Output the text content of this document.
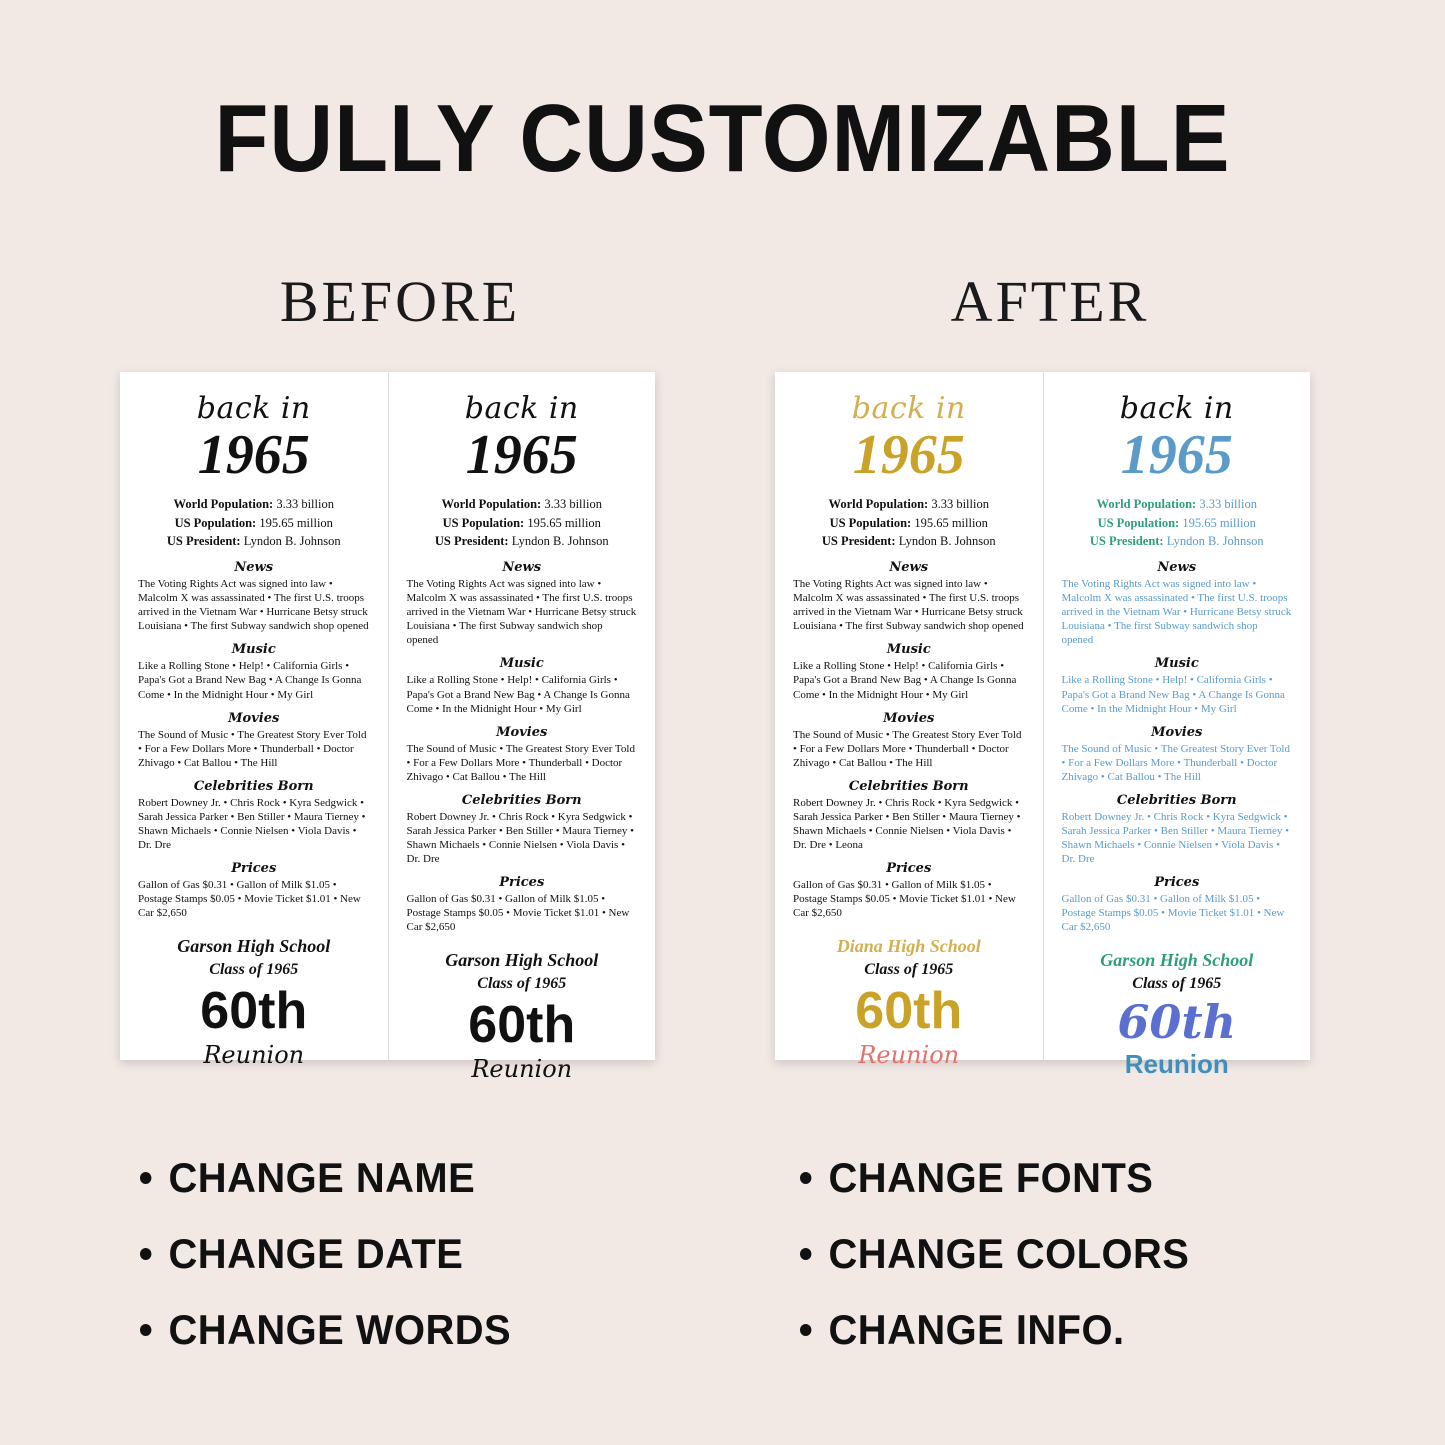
FULLY CUSTOMIZABLE
BEFORE	AFTER
back in
1965
World Population: 3.33 billion
US Population: 195.65 million
US President: Lyndon B. Johnson
News
The Voting Rights Act was signed into law • Malcolm X was assassinated • The first U.S. troops arrived in the Vietnam War • Hurricane Betsy struck Louisiana • The first Subway sandwich shop opened
Music
Like a Rolling Stone • Help! • California Girls • Papa's Got a Brand New Bag • A Change Is Gonna Come • In the Midnight Hour • My Girl
Movies
The Sound of Music • The Greatest Story Ever Told • For a Few Dollars More • Thunderball • Doctor Zhivago • Cat Ballou • The Hill
Celebrities Born
Robert Downey Jr. • Chris Rock • Kyra Sedgwick • Sarah Jessica Parker • Ben Stiller • Maura Tierney • Shawn Michaels • Connie Nielsen • Viola Davis • Dr. Dre
Prices
Gallon of Gas $0.31 • Gallon of Milk $1.05 • Postage Stamps $0.05 • Movie Ticket $1.01 • New Car $2,650
Garson High School
Class of 1965
60th
Reunion
back in
1965
World Population: 3.33 billion
US Population: 195.65 million
US President: Lyndon B. Johnson
News
The Voting Rights Act was signed into law • Malcolm X was assassinated • The first U.S. troops arrived in the Vietnam War • Hurricane Betsy struck Louisiana • The first Subway sandwich shop opened
Music
Like a Rolling Stone • Help! • California Girls • Papa's Got a Brand New Bag • A Change Is Gonna Come • In the Midnight Hour • My Girl
Movies
The Sound of Music • The Greatest Story Ever Told • For a Few Dollars More • Thunderball • Doctor Zhivago • Cat Ballou • The Hill
Celebrities Born
Robert Downey Jr. • Chris Rock • Kyra Sedgwick • Sarah Jessica Parker • Ben Stiller • Maura Tierney • Shawn Michaels • Connie Nielsen • Viola Davis • Dr. Dre
Prices
Gallon of Gas $0.31 • Gallon of Milk $1.05 • Postage Stamps $0.05 • Movie Ticket $1.01 • New Car $2,650
Garson High School
Class of 1965
60th
Reunion
back in
1965
World Population: 3.33 billion
US Population: 195.65 million
US President: Lyndon B. Johnson
News
The Voting Rights Act was signed into law • Malcolm X was assassinated • The first U.S. troops arrived in the Vietnam War • Hurricane Betsy struck Louisiana • The first Subway sandwich shop opened
Music
Like a Rolling Stone • Help! • California Girls • Papa's Got a Brand New Bag • A Change Is Gonna Come • In the Midnight Hour • My Girl
Movies
The Sound of Music • The Greatest Story Ever Told • For a Few Dollars More • Thunderball • Doctor Zhivago • Cat Ballou • The Hill
Celebrities Born
Robert Downey Jr. • Chris Rock • Kyra Sedgwick • Sarah Jessica Parker • Ben Stiller • Maura Tierney • Shawn Michaels • Connie Nielsen • Viola Davis • Dr. Dre • Leona
Prices
Gallon of Gas $0.31 • Gallon of Milk $1.05 • Postage Stamps $0.05 • Movie Ticket $1.01 • New Car $2,650
Diana High School
Class of 1965
60th
Reunion
back in
1965
World Population: 3.33 billion
US Population: 195.65 million
US President: Lyndon B. Johnson
News
The Voting Rights Act was signed into law • Malcolm X was assassinated • The first U.S. troops arrived in the Vietnam War • Hurricane Betsy struck Louisiana • The first Subway sandwich shop opened
Music
Like a Rolling Stone • Help! • California Girls • Papa's Got a Brand New Bag • A Change Is Gonna Come • In the Midnight Hour • My Girl
Movies
The Sound of Music • The Greatest Story Ever Told • For a Few Dollars More • Thunderball • Doctor Zhivago • Cat Ballou • The Hill
Celebrities Born
Robert Downey Jr. • Chris Rock • Kyra Sedgwick • Sarah Jessica Parker • Ben Stiller • Maura Tierney • Shawn Michaels • Connie Nielsen • Viola Davis • Dr. Dre
Prices
Gallon of Gas $0.31 • Gallon of Milk $1.05 • Postage Stamps $0.05 • Movie Ticket $1.01 • New Car $2,650
Garson High School
Class of 1965
60th
Reunion
CHANGE NAME
CHANGE DATE
CHANGE WORDS
CHANGE FONTS
CHANGE COLORS
CHANGE INFO.
